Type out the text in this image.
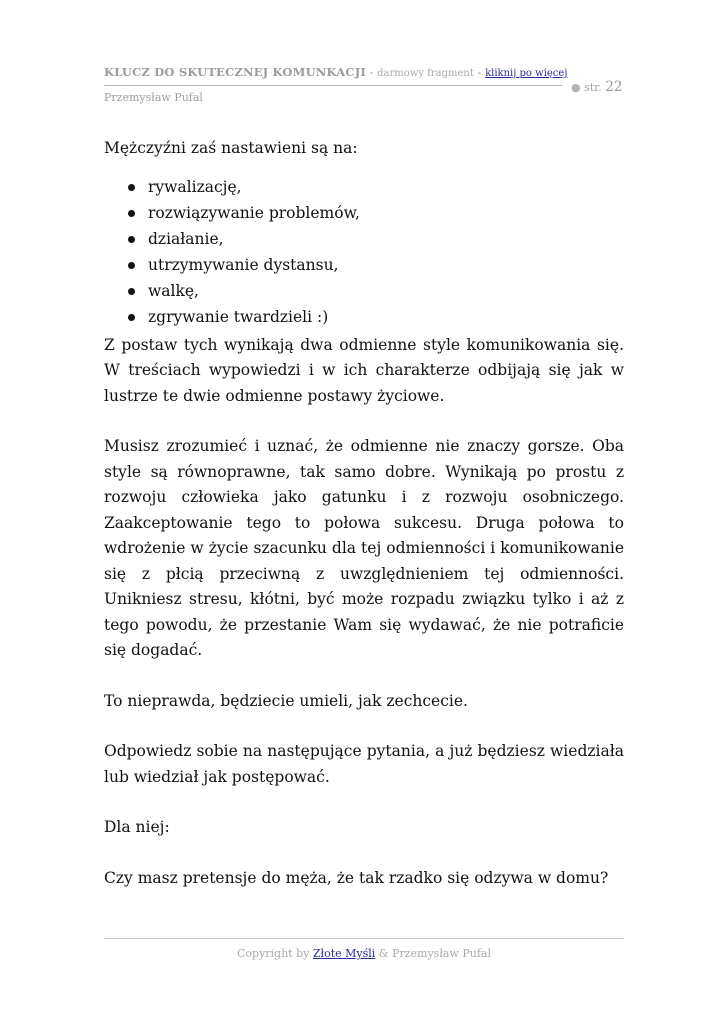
KLUCZ DO SKUTECZNEJ KOMUNKACJI - darmowy fragment - kliknij po więcej
Przemysław Pufal
● str. 22

Mężczyźni zaś nastawieni są na:

rywalizację,
rozwiązywanie problemów,
działanie,
utrzymywanie dystansu,
walkę,
zgrywanie twardzieli :)

Z postaw tych wynikają dwa odmienne style komunikowania się. W treściach wypowiedzi i w ich charakterze odbijają się jak w lustrze te dwie odmienne postawy życiowe.

Musisz zrozumieć i uznać, że odmienne nie znaczy gorsze. Oba style są równoprawne, tak samo dobre. Wynikają po prostu z rozwoju człowieka jako gatunku i z rozwoju osobniczego. Zaakceptowanie tego to połowa sukcesu. Druga połowa to wdrożenie w życie szacunku dla tej odmienności i komunikowanie się z płcią przeciwną z uwzględnieniem tej odmienności. Unikniesz stresu, kłótni, być może rozpadu związku tylko i aż z tego powodu, że przestanie Wam się wydawać, że nie potraficie się dogadać.

To nieprawda, będziecie umieli, jak zechcecie.

Odpowiedz sobie na następujące pytania, a już będziesz wiedziała lub wiedział jak postępować.

Dla niej:

Czy masz pretensje do męża, że tak rzadko się odzywa w domu?

Copyright by Złote Myśli & Przemysław Pufal
